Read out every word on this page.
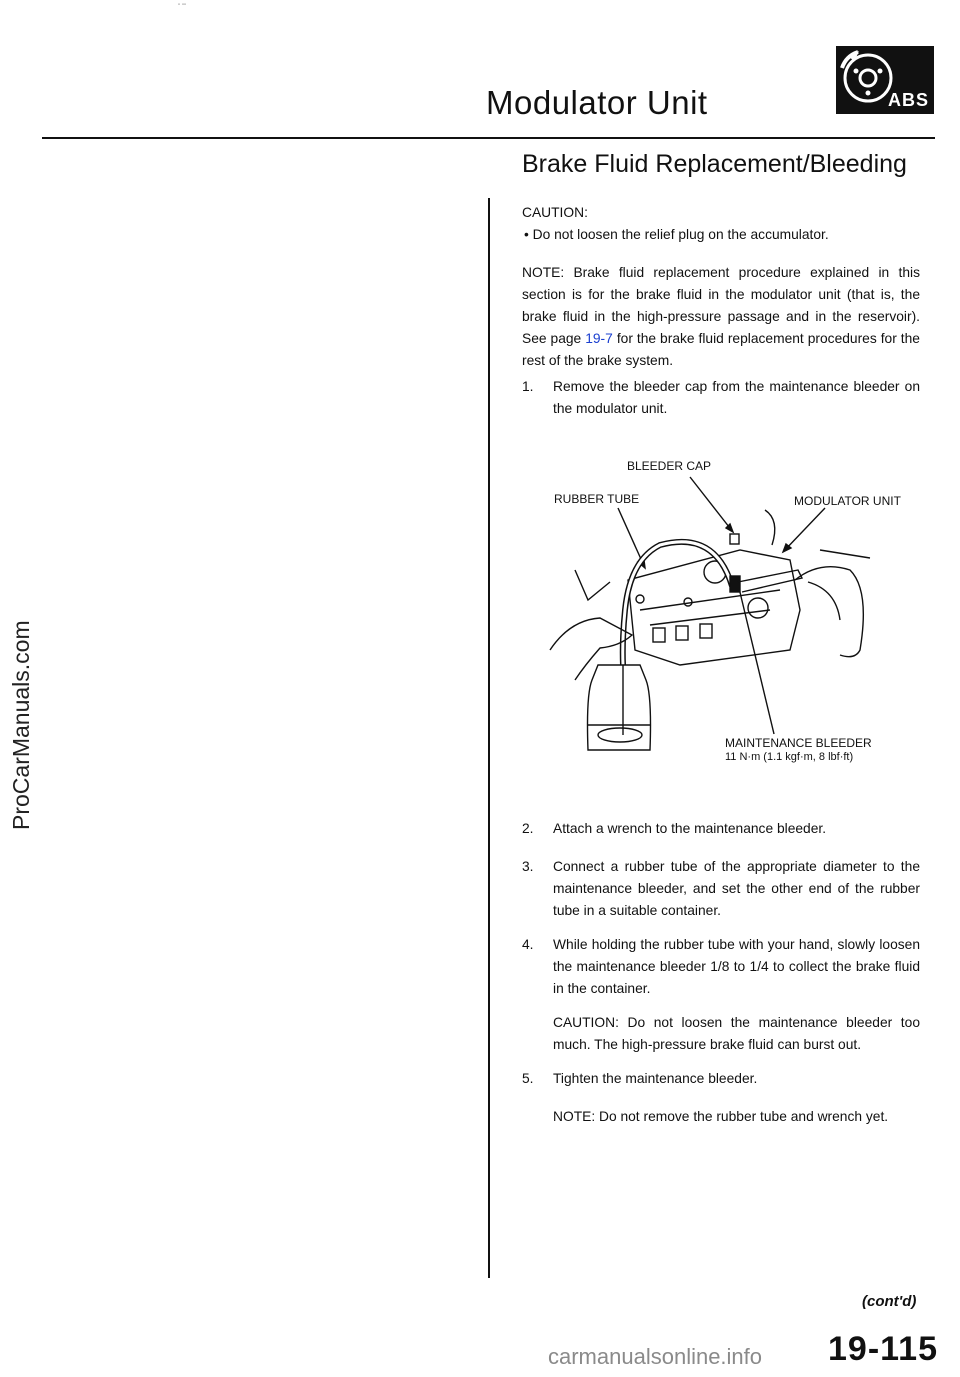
" ""
Modulator Unit	ABS
Brake Fluid Replacement/Bleeding
ProCarManuals.com

CAUTION:

• Do not loosen the relief plug on the accumulator.

NOTE: Brake fluid replacement procedure explained in this section is for the brake fluid in the modulator unit (that is, the brake fluid in the high-pressure passage and in the reservoir). See page 19-7 for the brake fluid replacement procedures for the rest of the brake system.

1.	Remove the bleeder cap from the maintenance bleeder on the modulator unit.

BLEEDER CAP
RUBBER TUBE	MODULATOR UNIT
MAINTENANCE BLEEDER
11 N·m (1.1 kgf·m, 8 lbf·ft)
2.	Attach a wrench to the maintenance bleeder.

3.	Connect a rubber tube of the appropriate diameter to the maintenance bleeder, and set the other end of the rubber tube in a suitable container.

4.	While holding the rubber tube with your hand, slowly loosen the maintenance bleeder 1/8 to 1/4 to collect the brake fluid in the container.

CAUTION: Do not loosen the maintenance bleeder too much. The high-pressure brake fluid can burst out.

5.	Tighten the maintenance bleeder.

NOTE: Do not remove the rubber tube and wrench yet.

(cont'd)
carmanualsonline.info 19-115
